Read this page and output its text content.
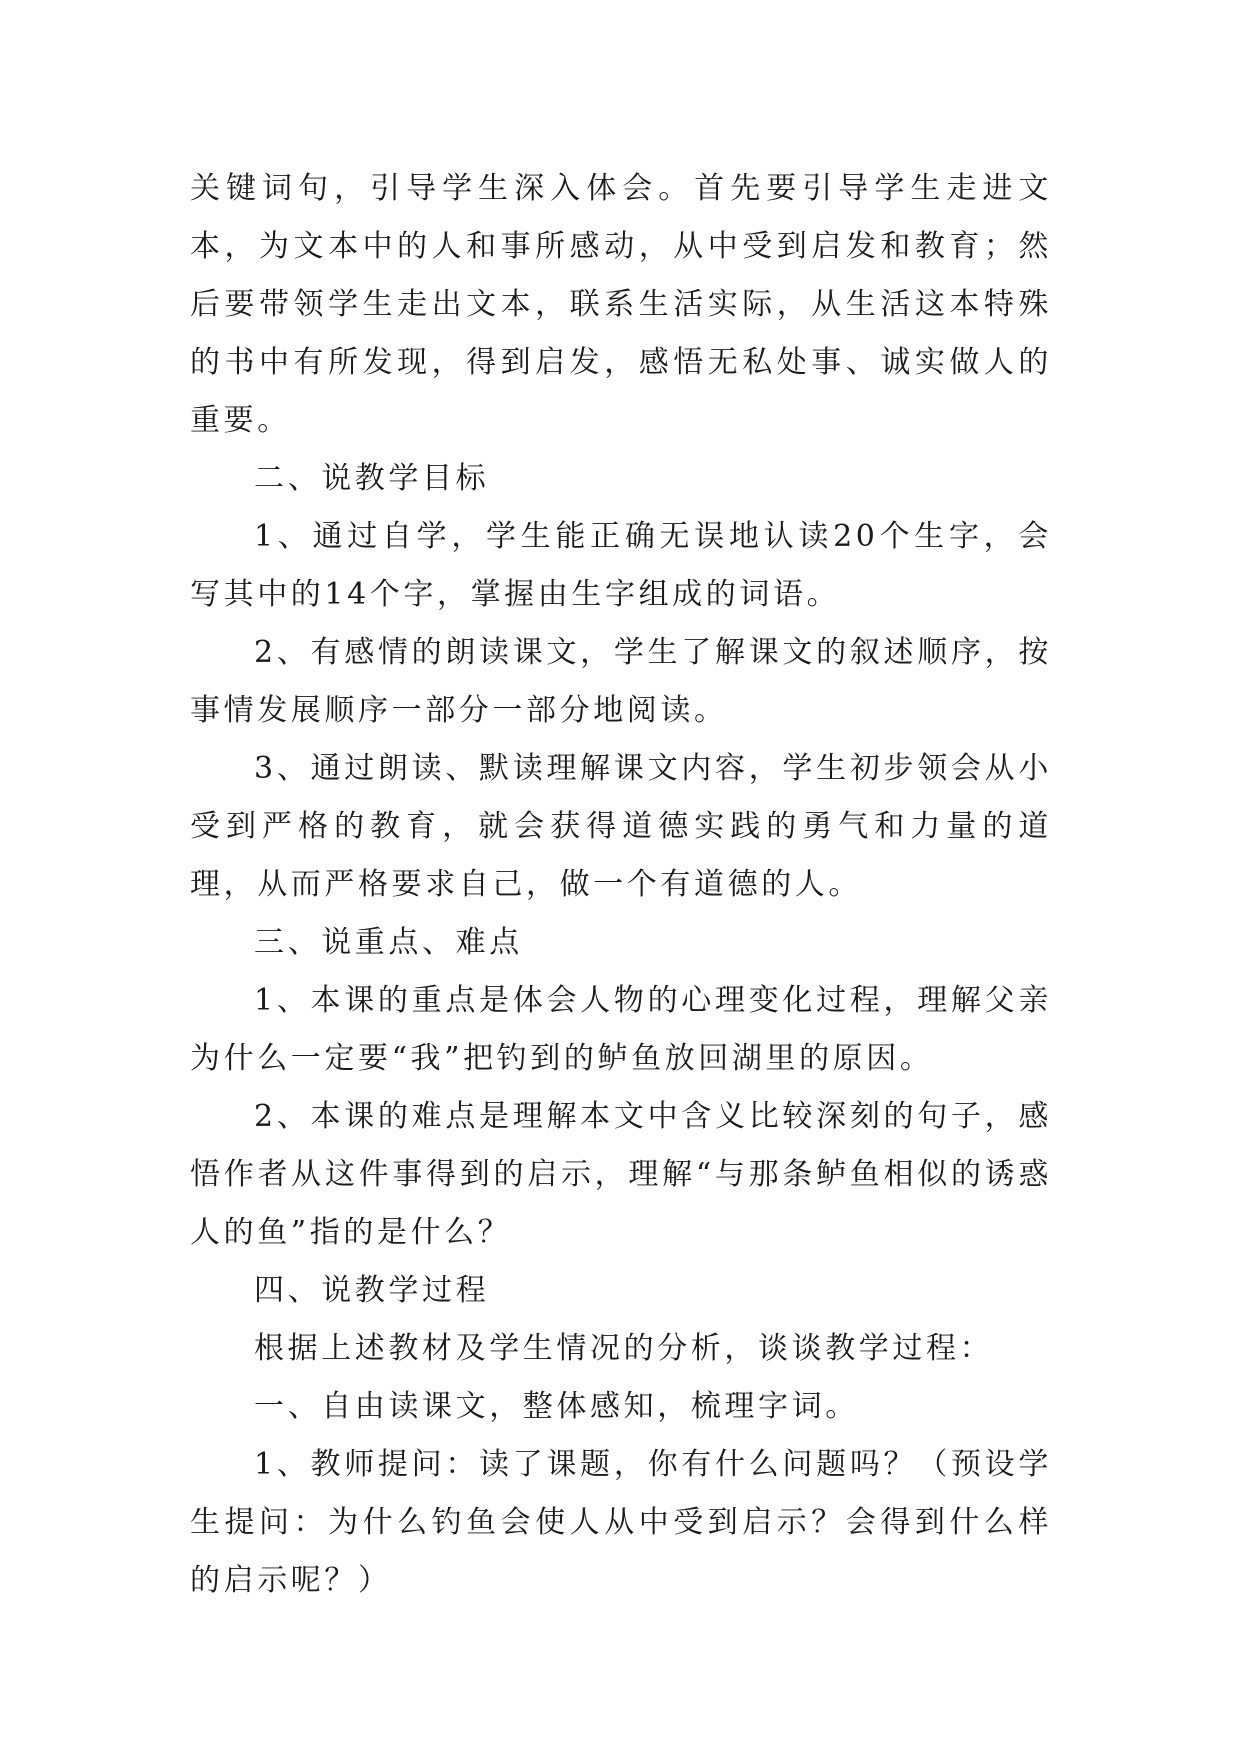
关键词句，引导学生深入体会。首先要引导学生走进文本，为文本中的人和事所感动，从中受到启发和教育；然后要带领学生走出文本，联系生活实际，从生活这本特殊的书中有所发现，得到启发，感悟无私处事、诚实做人的重要。

二、说教学目标

1、通过自学，学生能正确无误地认读20个生字，会写其中的14个字，掌握由生字组成的词语。

2、有感情的朗读课文，学生了解课文的叙述顺序，按事情发展顺序一部分一部分地阅读。

3、通过朗读、默读理解课文内容，学生初步领会从小受到严格的教育，就会获得道德实践的勇气和力量的道理，从而严格要求自己，做一个有道德的人。

三、说重点、难点

1、本课的重点是体会人物的心理变化过程，理解父亲为什么一定要“我”把钓到的鲈鱼放回湖里的原因。

2、本课的难点是理解本文中含义比较深刻的句子，感悟作者从这件事得到的启示，理解“与那条鲈鱼相似的诱惑人的鱼”指的是什么？

四、说教学过程

根据上述教材及学生情况的分析，谈谈教学过程：

一、自由读课文，整体感知，梳理字词。

1、教师提问：读了课题，你有什么问题吗？（预设学生提问：为什么钓鱼会使人从中受到启示？会得到什么样的启示呢？）
